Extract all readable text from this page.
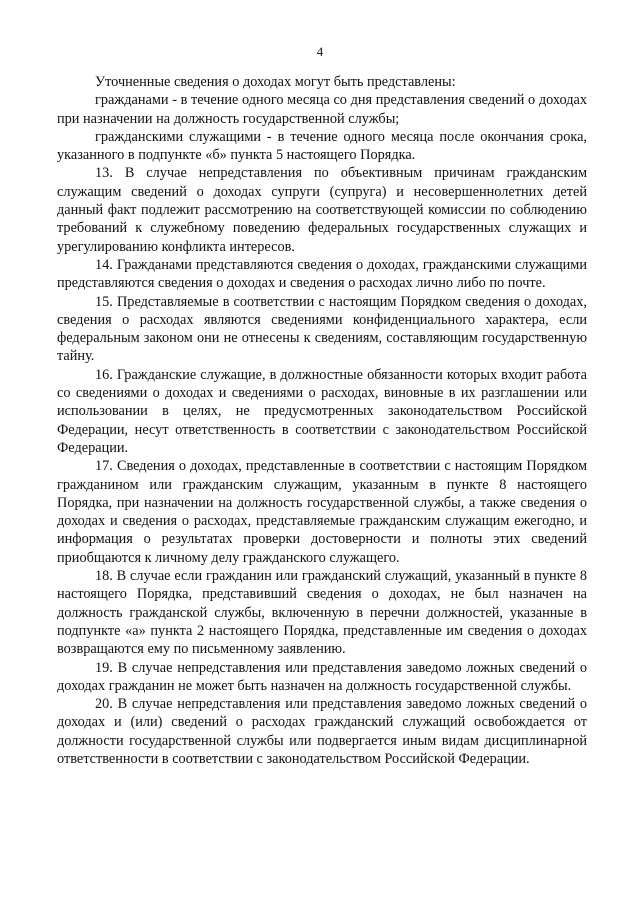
4

Уточненные сведения о доходах могут быть представлены:

гражданами - в течение одного месяца со дня представления сведений о доходах при назначении на должность государственной службы;

гражданскими служащими - в течение одного месяца после окончания срока, указанного в подпункте «б» пункта 5 настоящего Порядка.

13. В случае непредставления по объективным причинам гражданским служащим сведений о доходах супруги (супруга) и несовершеннолетних детей данный факт подлежит рассмотрению на соответствующей комиссии по соблюдению требований к служебному поведению федеральных государственных служащих и урегулированию конфликта интересов.

14. Гражданами представляются сведения о доходах, гражданскими служащими представляются сведения о доходах и сведения о расходах лично либо по почте.

15. Представляемые в соответствии с настоящим Порядком сведения о доходах, сведения о расходах являются сведениями конфиденциального характера, если федеральным законом они не отнесены к сведениям, составляющим государственную тайну.

16. Гражданские служащие, в должностные обязанности которых входит работа со сведениями о доходах и сведениями о расходах, виновные в их разглашении или использовании в целях, не предусмотренных законодательством Российской Федерации, несут ответственность в соответствии с законодательством Российской Федерации.

17. Сведения о доходах, представленные в соответствии с настоящим Порядком гражданином или гражданским служащим, указанным в пункте 8 настоящего Порядка, при назначении на должность государственной службы, а также сведения о доходах и сведения о расходах, представляемые гражданским служащим ежегодно, и информация о результатах проверки достоверности и полноты этих сведений приобщаются к личному делу гражданского служащего.

18. В случае если гражданин или гражданский служащий, указанный в пункте 8 настоящего Порядка, представивший сведения о доходах, не был назначен на должность гражданской службы, включенную в перечни должностей, указанные в подпункте «а» пункта 2 настоящего Порядка, представленные им сведения о доходах возвращаются ему по письменному заявлению.

19. В случае непредставления или представления заведомо ложных сведений о доходах гражданин не может быть назначен на должность государственной службы.

20. В случае непредставления или представления заведомо ложных сведений о доходах и (или) сведений о расходах гражданский служащий освобождается от должности государственной службы или подвергается иным видам дисциплинарной ответственности в соответствии с законодательством Российской Федерации.
